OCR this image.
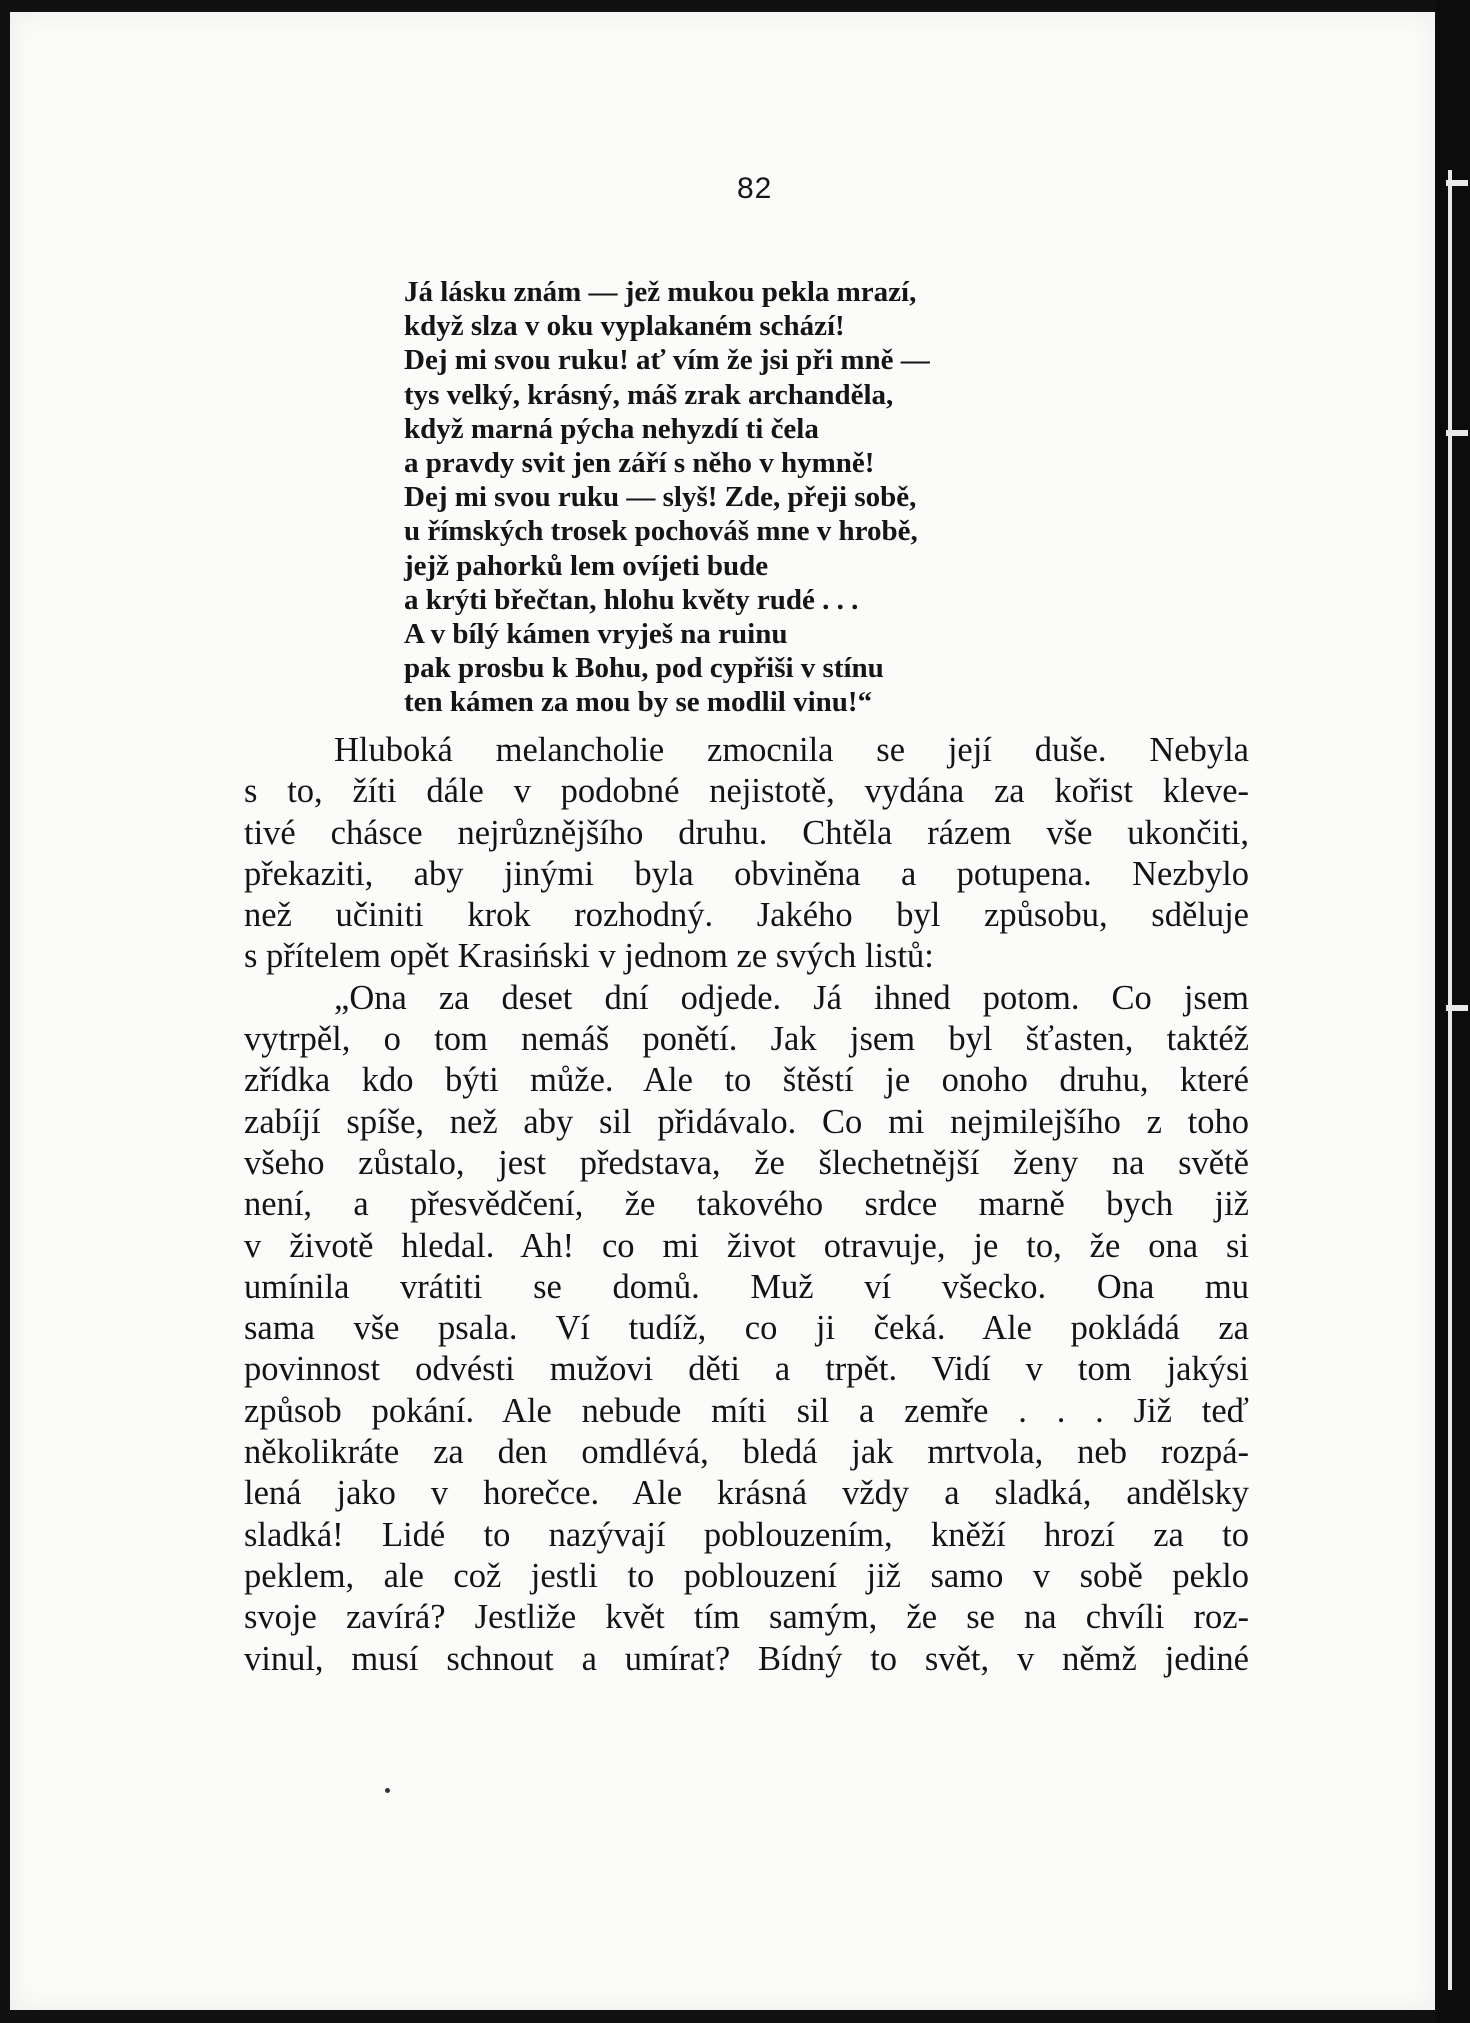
82
Já lásku znám — jež mukou pekla mrazí,
když slza v oku vyplakaném schází!
Dej mi svou ruku! ať vím že jsi při mně —
tys velký, krásný, máš zrak archanděla,
když marná pýcha nehyzdí ti čela
a pravdy svit jen září s něho v hymně!
Dej mi svou ruku — slyš! Zde, přeji sobě,
u římských trosek pochováš mne v hrobě,
jejž pahorků lem ovíjeti bude
a krýti břečtan, hlohu květy rudé . . .
A v bílý kámen vryješ na ruinu
pak prosbu k Bohu, pod cypřiši v stínu
ten kámen za mou by se modlil vinu!“

Hluboká melancholie zmocnila se její duše. Nebyla

s to, žíti dále v podobné nejistotě, vydána za kořist kleve-

tivé chásce nejrůznějšího druhu. Chtěla rázem vše ukončiti,

překaziti, aby jinými byla obviněna a potupena. Nezbylo

než učiniti krok rozhodný. Jakého byl způsobu, sděluje

s přítelem opět Krasiński v jednom ze svých listů:

„Ona za deset dní odjede. Já ihned potom. Co jsem

vytrpěl, o tom nemáš ponětí. Jak jsem byl šťasten, taktéž

zřídka kdo býti může. Ale to štěstí je onoho druhu, které

zabíjí spíše, než aby sil přidávalo. Co mi nejmilejšího z toho

všeho zůstalo, jest představa, že šlechetnější ženy na světě

není, a přesvědčení, že takového srdce marně bych již

v životě hledal. Ah! co mi život otravuje, je to, že ona si

umínila vrátiti se domů. Muž ví všecko. Ona mu

sama vše psala. Ví tudíž, co ji čeká. Ale pokládá za

povinnost odvésti mužovi děti a trpět. Vidí v tom jakýsi

způsob pokání. Ale nebude míti sil a zemře . . . Již teď

několikráte za den omdlévá, bledá jak mrtvola, neb rozpá-

lená jako v horečce. Ale krásná vždy a sladká, andělsky

sladká! Lidé to nazývají poblouzením, kněží hrozí za to

peklem, ale což jestli to poblouzení již samo v sobě peklo

svoje zavírá? Jestliže květ tím samým, že se na chvíli roz-

vinul, musí schnout a umírat? Bídný to svět, v němž jediné
